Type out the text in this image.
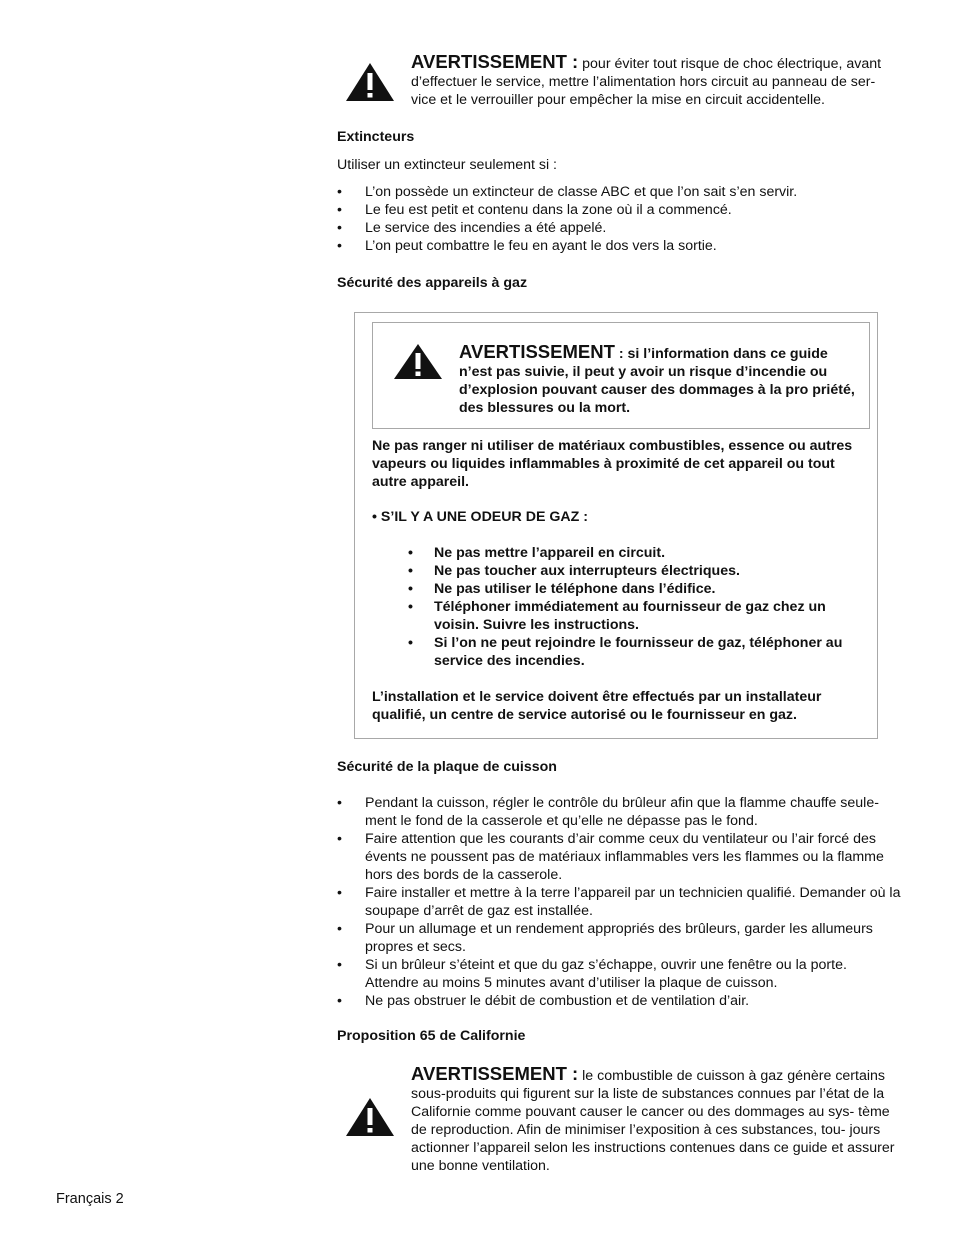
AVERTISSEMENT : pour éviter tout risque de choc électrique, avant d’effectuer le service, mettre l’alimentation hors circuit au panneau de ser- vice et le verrouiller pour empêcher la mise en circuit accidentelle.
Extincteurs
Utiliser un extincteur seulement si :
• L’on possède un extincteur de classe ABC et que l’on sait s’en servir.
• Le feu est petit et contenu dans la zone où il a commencé.
• Le service des incendies a été appelé.
• L’on peut combattre le feu en ayant le dos vers la sortie.
Sécurité des appareils à gaz
AVERTISSEMENT : si l’information dans ce guide n’est pas suivie, il peut y avoir un risque d’incendie ou d’explosion pouvant causer des dommages à la pro priété, des blessures ou la mort.
Ne pas ranger ni utiliser de matériaux combustibles, essence ou autres vapeurs ou liquides inflammables à proximité de cet appareil ou tout autre appareil.
• S’IL Y A UNE ODEUR DE GAZ :
• Ne pas mettre l’appareil en circuit.
• Ne pas toucher aux interrupteurs électriques.
• Ne pas utiliser le téléphone dans l’édifice.
• Téléphoner immédiatement au fournisseur de gaz chez un voisin. Suivre les instructions.
• Si l’on ne peut rejoindre le fournisseur de gaz, téléphoner au service des incendies.
L’installation et le service doivent être effectués par un installateur qualifié, un centre de service autorisé ou le fournisseur en gaz.
Sécurité de la plaque de cuisson
• Pendant la cuisson, régler le contrôle du brûleur afin que la flamme chauffe seule- ment le fond de la casserole et qu’elle ne dépasse pas le fond.
• Faire attention que les courants d’air comme ceux du ventilateur ou l’air forcé des évents ne poussent pas de matériaux inflammables vers les flammes ou la flamme hors des bords de la casserole.
• Faire installer et mettre à la terre l’appareil par un technicien qualifié. Demander où la soupape d’arrêt de gaz est installée.
• Pour un allumage et un rendement appropriés des brûleurs, garder les allumeurs propres et secs.
• Si un brûleur s’éteint et que du gaz s’échappe, ouvrir une fenêtre ou la porte. Attendre au moins 5 minutes avant d’utiliser la plaque de cuisson.
• Ne pas obstruer le débit de combustion et de ventilation d’air.
Proposition 65 de Californie
AVERTISSEMENT : le combustible de cuisson à gaz génère certains sous-produits qui figurent sur la liste de substances connues par l’état de la Californie comme pouvant causer le cancer ou des dommages au sys- tème de reproduction. Afin de minimiser l’exposition à ces substances, tou- jours actionner l’appareil selon les instructions contenues dans ce guide et assurer une bonne ventilation.
Français 2
